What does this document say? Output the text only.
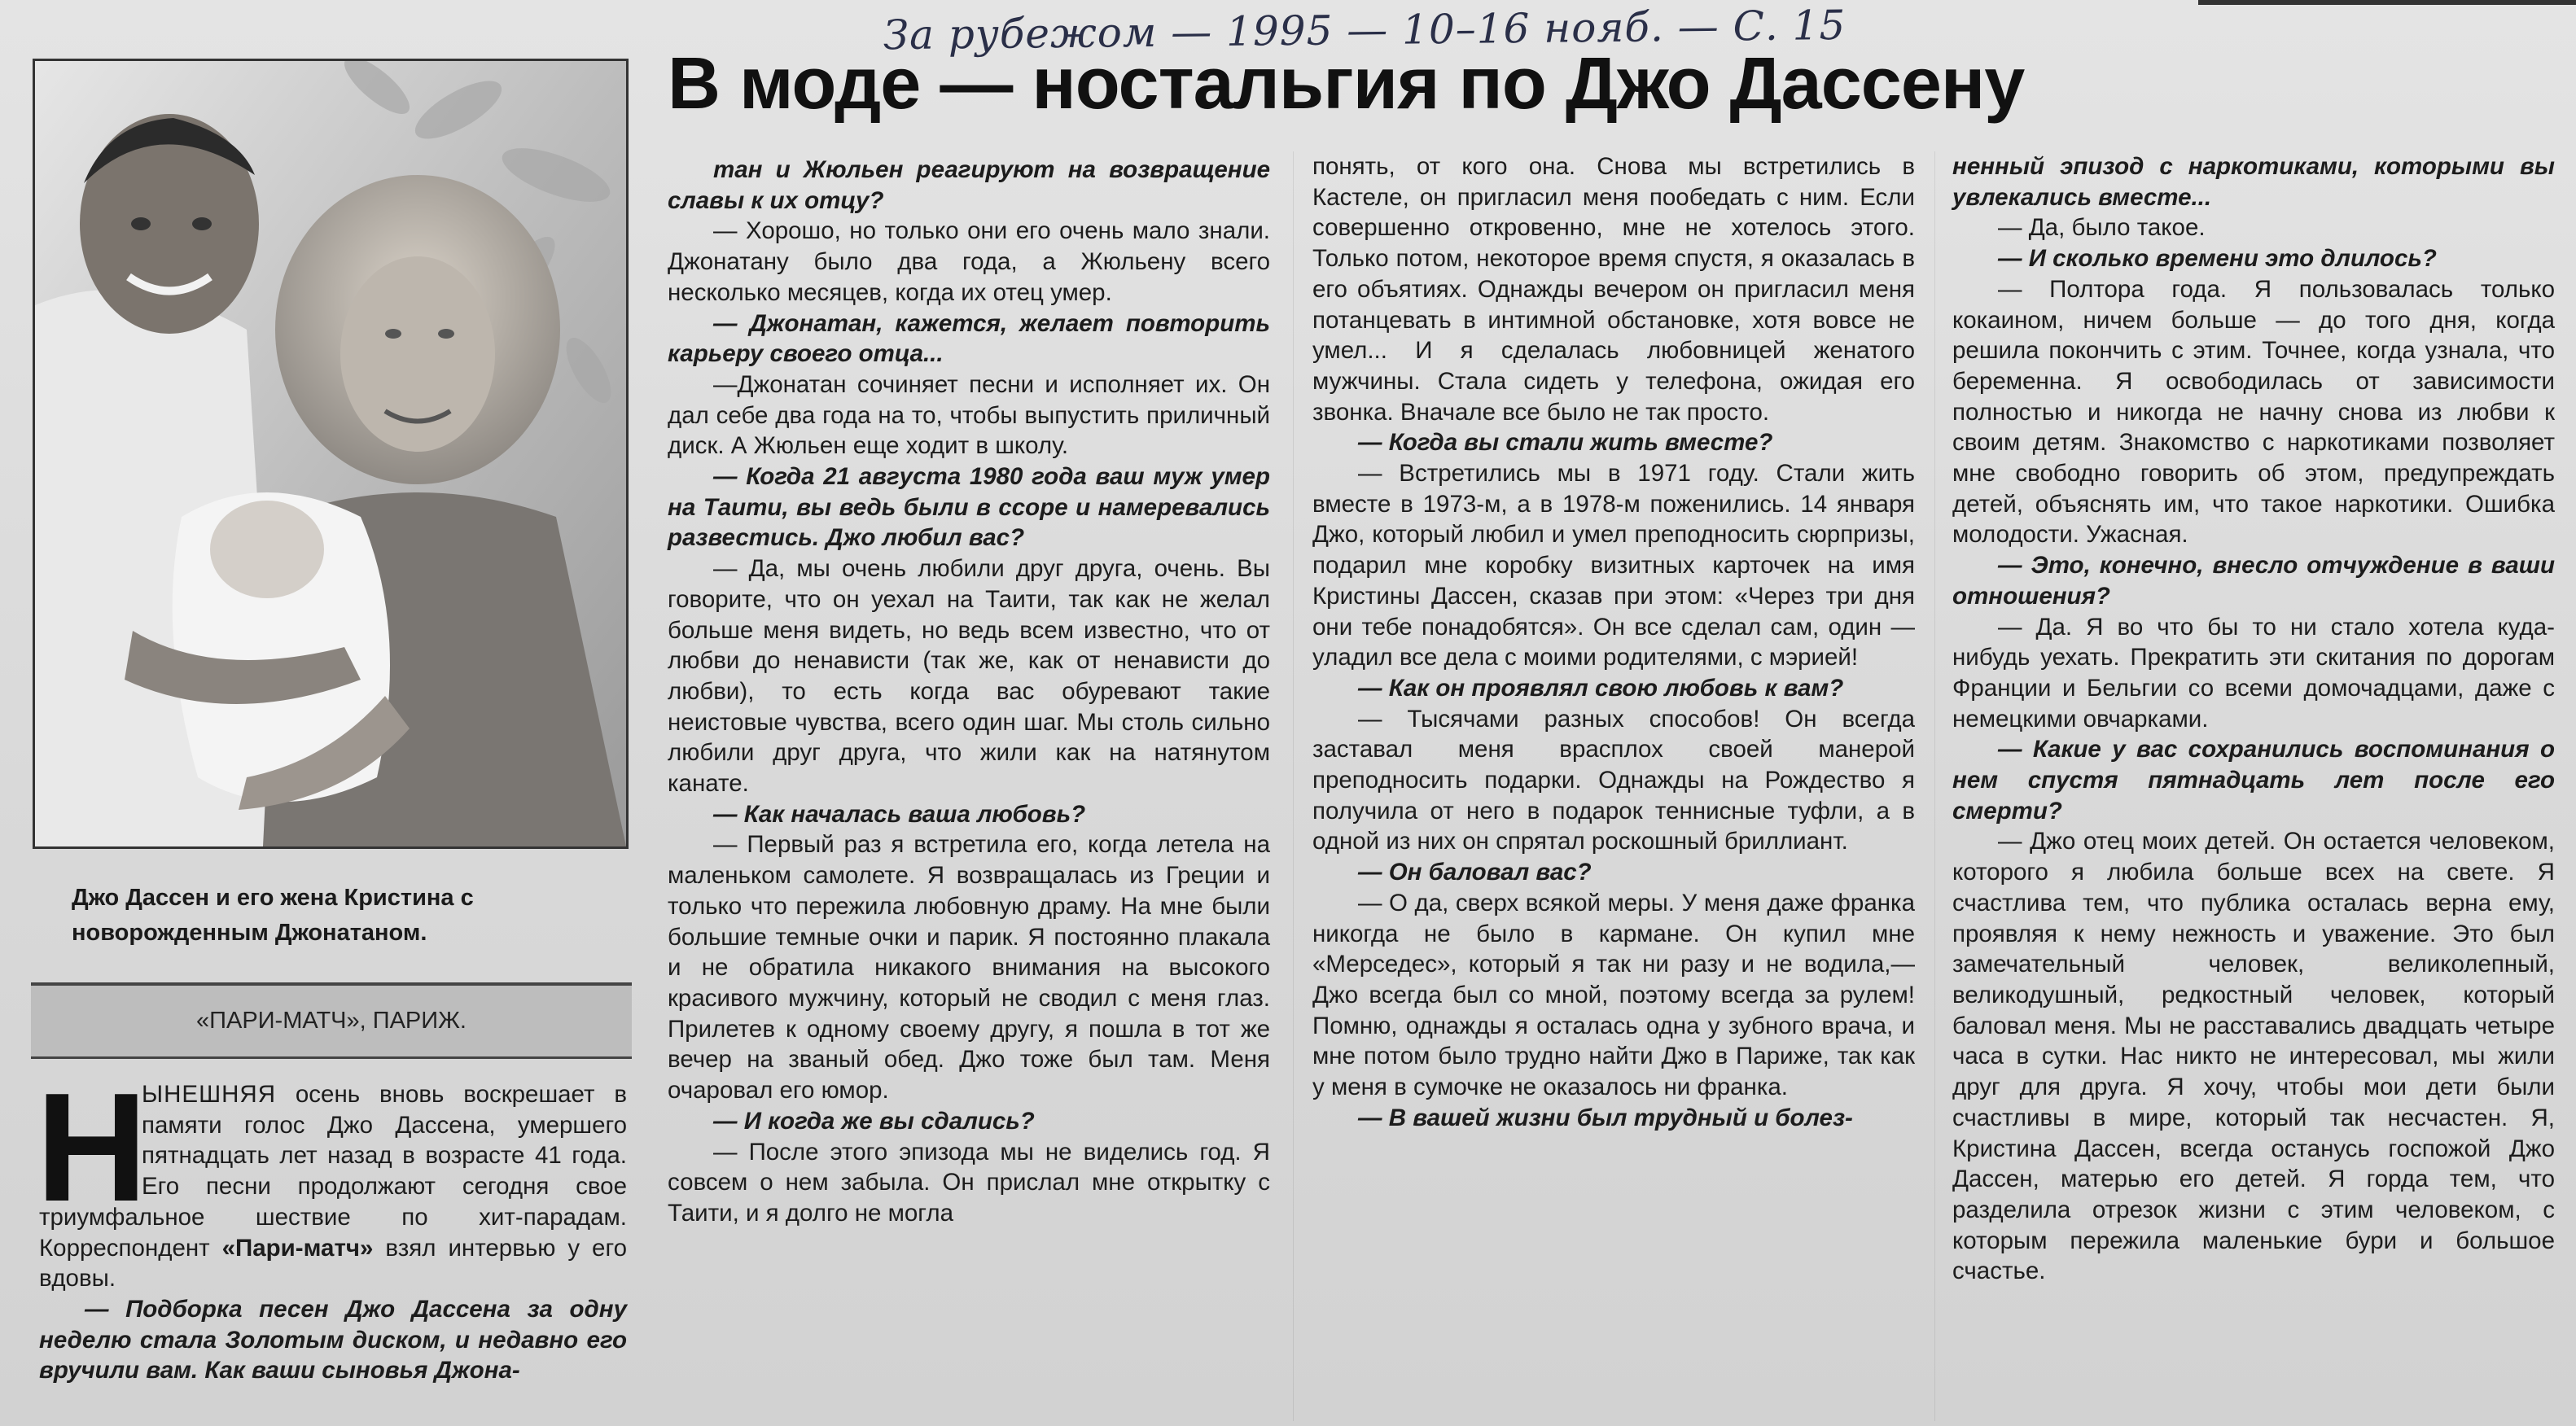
За рубежом — 1995 — 10–16 нояб. — С. 15
В моде — ностальгия по Джо Дассену
Джо Дассен и его жена Кристина с новорожденным Джонатаном.
«ПАРИ-МАТЧ», ПАРИЖ.
Н

ЫНЕШНЯЯ осень вновь воскрешает в памяти голос Джо Дассена, умершего пятнадцать лет назад в возрасте 41 года. Его песни продолжают сегодня свое триумфальное шествие по хит-парадам. Корреспондент «Пари-матч» взял интервью у его вдовы.

— Подборка песен Джо Дассена за одну неделю стала Золотым диском, и недавно его вручили вам. Как ваши сыновья Джона-

тан и Жюльен реагируют на возвращение славы к их отцу?

— Хорошо, но только они его очень мало знали. Джонатану было два года, а Жюльену всего несколько месяцев, когда их отец умер.

— Джонатан, кажется, желает повторить карьеру своего отца...

—Джонатан сочиняет песни и исполняет их. Он дал себе два года на то, чтобы выпустить приличный диск. А Жюльен еще ходит в школу.

— Когда 21 августа 1980 года ваш муж умер на Таити, вы ведь были в ссоре и намеревались развестись. Джо любил вас?

— Да, мы очень любили друг друга, очень. Вы говорите, что он уехал на Таити, так как не желал больше меня видеть, но ведь всем известно, что от любви до ненависти (так же, как от ненависти до любви), то есть когда вас обуревают такие неистовые чувства, всего один шаг. Мы столь сильно любили друг друга, что жили как на натянутом канате.

— Как началась ваша любовь?

— Первый раз я встретила его, когда летела на маленьком самолете. Я возвращалась из Греции и только что пережила любовную драму. На мне были большие темные очки и парик. Я постоянно плакала и не обратила никакого внимания на высокого красивого мужчину, который не сводил с меня глаз. Прилетев к одному своему другу, я пошла в тот же вечер на званый обед. Джо тоже был там. Меня очаровал его юмор.

— И когда же вы сдались?

— После этого эпизода мы не виделись год. Я совсем о нем забыла. Он прислал мне открытку с Таити, и я долго не могла

понять, от кого она. Снова мы встретились в Кастеле, он пригласил меня пообедать с ним. Если совершенно откровенно, мне не хотелось этого. Только потом, некоторое время спустя, я оказалась в его объятиях. Однажды вечером он пригласил меня потанцевать в интимной обстановке, хотя вовсе не умел... И я сделалась любовницей женатого мужчины. Стала сидеть у телефона, ожидая его звонка. Вначале все было не так просто.

— Когда вы стали жить вместе?

— Встретились мы в 1971 году. Стали жить вместе в 1973-м, а в 1978-м поженились. 14 января Джо, который любил и умел преподносить сюрпризы, подарил мне коробку визитных карточек на имя Кристины Дассен, сказав при этом: «Через три дня они тебе понадобятся». Он все сделал сам, один — уладил все дела с моими родителями, с мэрией!

— Как он проявлял свою любовь к вам?

— Тысячами разных способов! Он всегда заставал меня врасплох своей манерой преподносить подарки. Однажды на Рождество я получила от него в подарок теннисные туфли, а в одной из них он спрятал роскошный бриллиант.

— Он баловал вас?

— О да, сверх всякой меры. У меня даже франка никогда не было в кармане. Он купил мне «Мерседес», который я так ни разу и не водила,— Джо всегда был со мной, поэтому всегда за рулем! Помню, однажды я осталась одна у зубного врача, и мне потом было трудно найти Джо в Париже, так как у меня в сумочке не оказалось ни франка.

— В вашей жизни был трудный и болез-

ненный эпизод с наркотиками, которыми вы увлекались вместе...

— Да, было такое.

— И сколько времени это длилось?

— Полтора года. Я пользовалась только кокаином, ничем больше — до того дня, когда решила покончить с этим. Точнее, когда узнала, что беременна. Я освободилась от зависимости полностью и никогда не начну снова из любви к своим детям. Знакомство с наркотиками позволяет мне свободно говорить об этом, предупреждать детей, объяснять им, что такое наркотики. Ошибка молодости. Ужасная.

— Это, конечно, внесло отчуждение в ваши отношения?

— Да. Я во что бы то ни стало хотела куда-нибудь уехать. Прекратить эти скитания по дорогам Франции и Бельгии со всеми домочадцами, даже с немецкими овчарками.

— Какие у вас сохранились воспоминания о нем спустя пятнадцать лет после его смерти?

— Джо отец моих детей. Он остается человеком, которого я любила больше всех на свете. Я счастлива тем, что публика осталась верна ему, проявляя к нему нежность и уважение. Это был замечательный человек, великолепный, великодушный, редкостный человек, который баловал меня. Мы не расставались двадцать четыре часа в сутки. Нас никто не интересовал, мы жили друг для друга. Я хочу, чтобы мои дети были счастливы в мире, который так несчастен. Я, Кристина Дассен, всегда останусь госпожой Джо Дассен, матерью его детей. Я горда тем, что разделила отрезок жизни с этим человеком, с которым пережила маленькие бури и большое счастье.
